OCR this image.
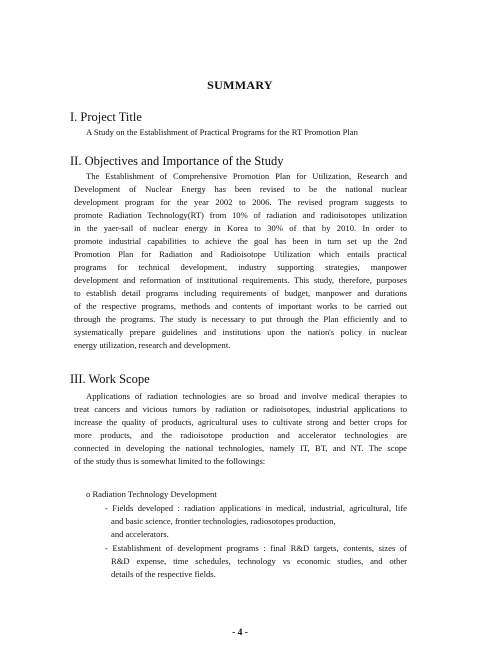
SUMMARY
I. Project Title
A Study on the Establishment of Practical Programs for the RT Promotion Plan
II. Objectives and Importance of the Study
The Establishment of Comprehensive Promotion Plan for Utilization, Research and
Development of Nuclear Energy has been revised to be the national nuclear
development program for the year 2002 to 2006. The revised program suggests to
promote Radiation Technology(RT) from 10% of radiation and radioisotopes utilization
in the yaer-sail of nuclear energy in Korea to 30% of that by 2010. In order to
promote industrial capabilities to achieve the goal has been in turn set up the 2nd
Promotion Plan for Radiation and Radioisotope Utilization which entails practical
programs for technical development, industry supporting strategies, manpower
development and reformation of institutional requirements. This study, therefore, purposes
to establish detail programs including requirements of budget, manpower and durations
of the respective programs, methods and contents of important works to be carried out
through the programs. The study is necessary to put through the Plan efficiently and to
systematically prepare guidelines and institutions upon the nation's policy in nuclear
energy utilization, research and development.
III. Work Scope
Applications of radiation technologies are so broad and involve medical therapies to
treat cancers and vicious tumors by radiation or radioisotopes, industrial applications to
increase the quality of products, agricultural uses to cultivate strong and better crops for
more products, and the radioisotope production and accelerator technologies are
connected in developing the national technologies, namely IT, BT, and NT. The scope
of the study thus is somewhat limited to the followings:
o Radiation Technology Development
- Fields developed : radiation applications in medical, industrial, agricultural, life
and basic science, frontier technologies, radiosotopes production,
and accelerators.
- Establishment of development programs : final R&D targets, contents, sizes of
R&D expense, time schedules, technology vs economic studies, and other
details of the respective fields.
- 4 -
